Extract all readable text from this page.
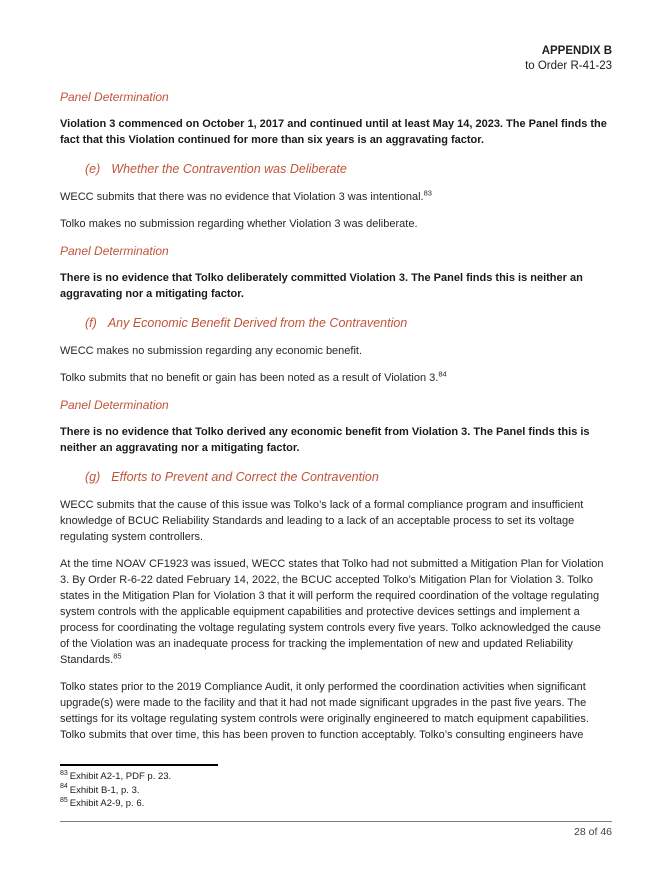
APPENDIX B
to Order R-41-23
Panel Determination

Violation 3 commenced on October 1, 2017 and continued until at least May 14, 2023. The Panel finds the fact that this Violation continued for more than six years is an aggravating factor.

(e) Whether the Contravention was Deliberate

WECC submits that there was no evidence that Violation 3 was intentional.$^{83}$

Tolko makes no submission regarding whether Violation 3 was deliberate.

Panel Determination

There is no evidence that Tolko deliberately committed Violation 3. The Panel finds this is neither an aggravating nor a mitigating factor.

(f) Any Economic Benefit Derived from the Contravention

WECC makes no submission regarding any economic benefit.

Tolko submits that no benefit or gain has been noted as a result of Violation 3.84

Panel Determination

There is no evidence that Tolko derived any economic benefit from Violation 3. The Panel finds this is neither an aggravating nor a mitigating factor.

(g) Efforts to Prevent and Correct the Contravention

WECC submits that the cause of this issue was Tolko’s lack of a formal compliance program and insufficient knowledge of BCUC Reliability Standards and leading to a lack of an acceptable process to set its voltage regulating system controllers.

At the time NOAV CF1923 was issued, WECC states that Tolko had not submitted a Mitigation Plan for Violation 3. By Order R-6-22 dated February 14, 2022, the BCUC accepted Tolko’s Mitigation Plan for Violation 3. Tolko states in the Mitigation Plan for Violation 3 that it will perform the required coordination of the voltage regulating system controls with the applicable equipment capabilities and protective devices settings and implement a process for coordinating the voltage regulating system controls every five years. Tolko acknowledged the cause of the Violation was an inadequate process for tracking the implementation of new and updated Reliability Standards.$^{85}$

Tolko states prior to the 2019 Compliance Audit, it only performed the coordination activities when significant upgrade(s) were made to the facility and that it had not made significant upgrades in the past five years. The settings for its voltage regulating system controls were originally engineered to match equipment capabilities. Tolko submits that over time, this has been proven to function acceptably. Tolko’s consulting engineers have

$^{83}$ Exhibit A2-1, PDF p. 23.
$^{84}$ Exhibit B-1, p. 3.
$^{85}$ Exhibit A2-9, p. 6.
28 of 46
